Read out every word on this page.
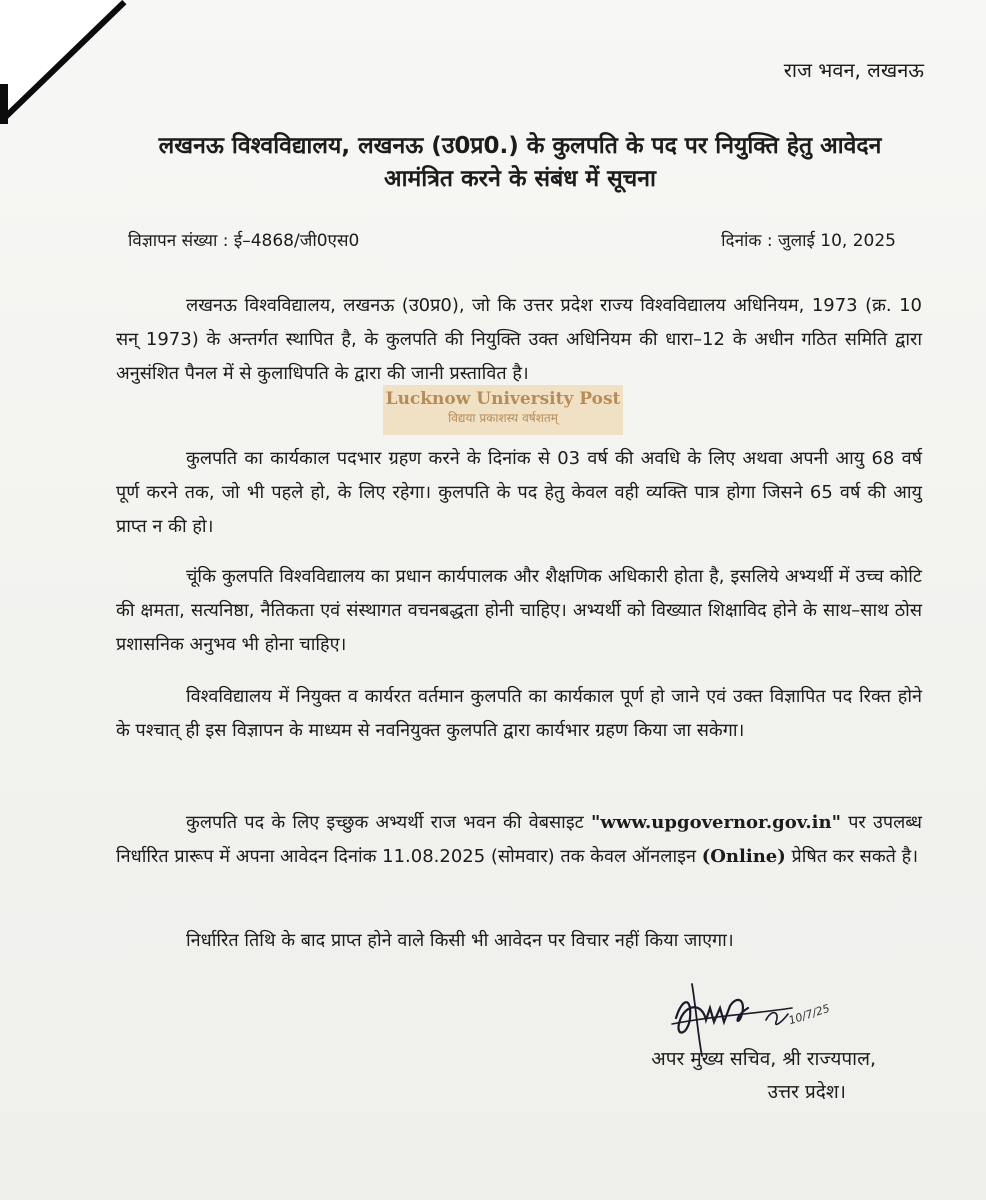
राज भवन, लखनऊ
लखनऊ विश्वविद्यालय, लखनऊ (उ0प्र0.) के कुलपति के पद पर नियुक्ति हेतु आवेदन
आमंत्रित करने के संबंध में सूचना
विज्ञापन संख्या : ई–4868/जी0एस0	दिनांक : जुलाई 10, 2025
लखनऊ विश्वविद्यालय, लखनऊ (उ0प्र0), जो कि उत्तर प्रदेश राज्य विश्वविद्यालय अधिनियम, 1973 (क्र. 10 सन् 1973) के अन्तर्गत स्थापित है, के कुलपति की नियुक्ति उक्त अधिनियम की धारा–12 के अधीन गठित समिति द्वारा अनुसंशित पैनल में से कुलाधिपति के द्वारा की जानी प्रस्तावित है।
Lucknow University Post
विद्यया प्रकाशस्य वर्षशतम्
कुलपति का कार्यकाल पदभार ग्रहण करने के दिनांक से 03 वर्ष की अवधि के लिए अथवा अपनी आयु 68 वर्ष पूर्ण करने तक, जो भी पहले हो, के लिए रहेगा। कुलपति के पद हेतु केवल वही व्यक्ति पात्र होगा जिसने 65 वर्ष की आयु प्राप्त न की हो।
चूंकि कुलपति विश्वविद्यालय का प्रधान कार्यपालक और शैक्षणिक अधिकारी होता है, इसलिये अभ्यर्थी में उच्च कोटि की क्षमता, सत्यनिष्ठा, नैतिकता एवं संस्थागत वचनबद्धता होनी चाहिए। अभ्यर्थी को विख्यात शिक्षाविद होने के साथ–साथ ठोस प्रशासनिक अनुभव भी होना चाहिए।
विश्वविद्यालय में नियुक्त व कार्यरत वर्तमान कुलपति का कार्यकाल पूर्ण हो जाने एवं उक्त विज्ञापित पद रिक्त होने के पश्चात् ही इस विज्ञापन के माध्यम से नवनियुक्त कुलपति द्वारा कार्यभार ग्रहण किया जा सकेगा।
कुलपति पद के लिए इच्छुक अभ्यर्थी राज भवन की वेबसाइट "www.upgovernor.gov.in" पर उपलब्ध निर्धारित प्रारूप में अपना आवेदन दिनांक 11.08.2025 (सोमवार) तक केवल ऑनलाइन (Online) प्रेषित कर सकते है।
निर्धारित तिथि के बाद प्राप्त होने वाले किसी भी आवेदन पर विचार नहीं किया जाएगा।
10/7/25
अपर मुख्य सचिव, श्री राज्यपाल,
उत्तर प्रदेश।
